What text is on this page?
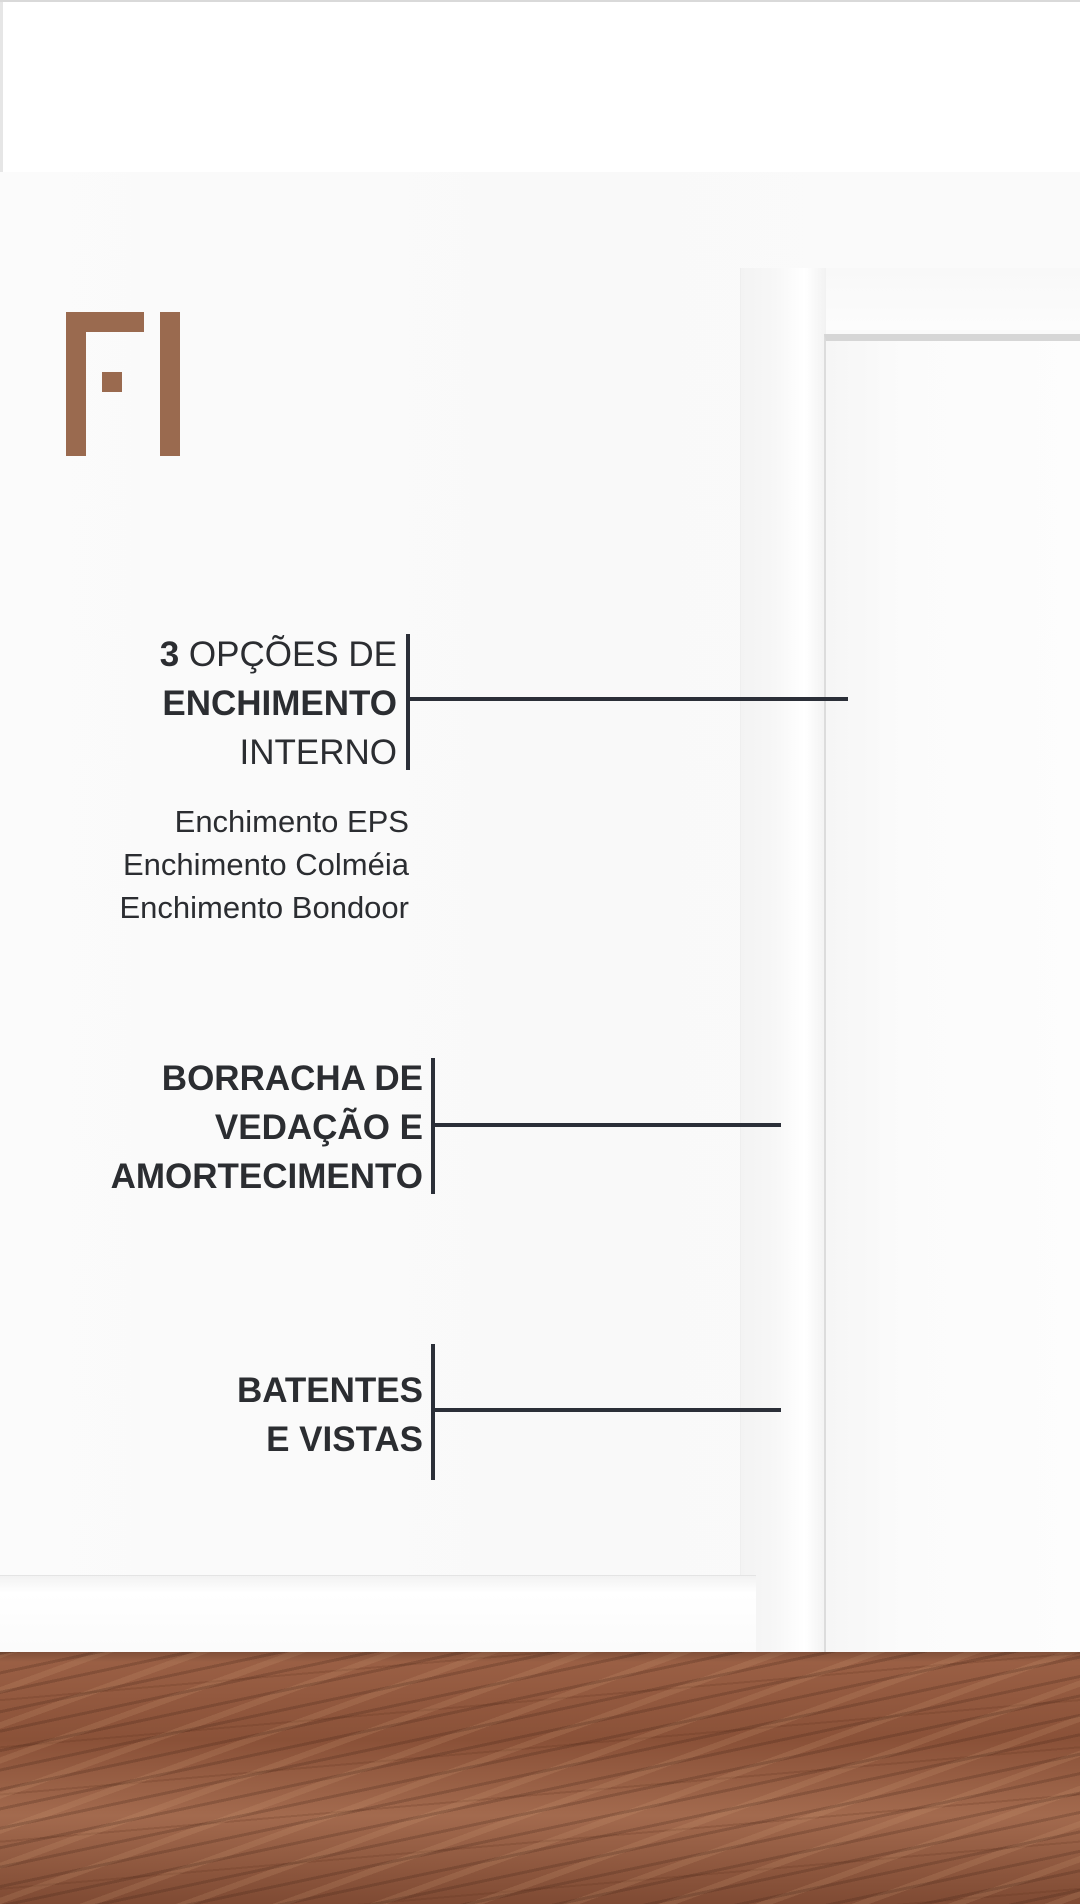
3 OPÇÕES DE
ENCHIMENTO
INTERNO
Enchimento EPS
Enchimento Colméia
Enchimento Bondoor
BORRACHA DE
VEDAÇÃO E
AMORTECIMENTO
BATENTES
E VISTAS
